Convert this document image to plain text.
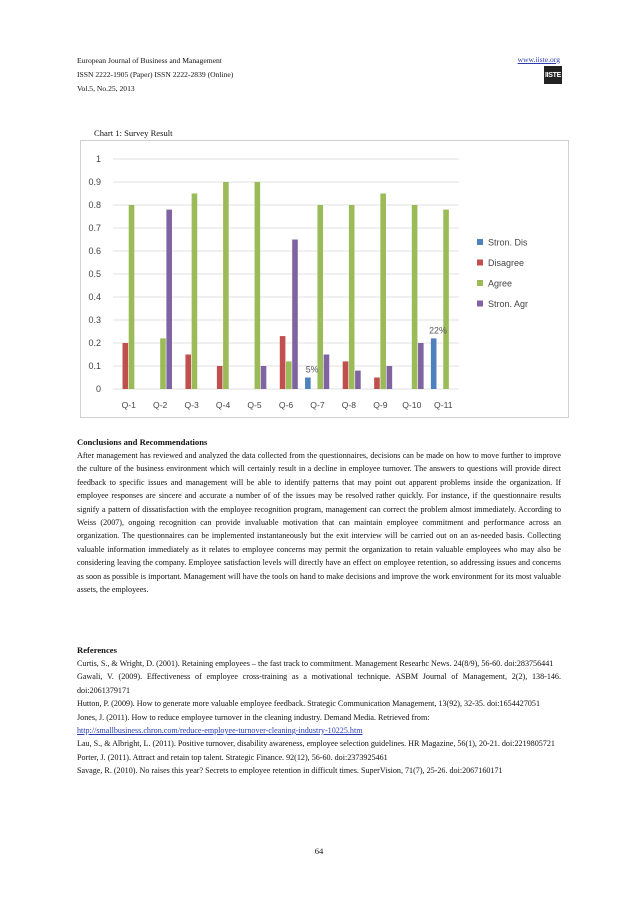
European Journal of Business and Management
ISSN 2222-1905 (Paper) ISSN 2222-2839 (Online)
Vol.5, No.25, 2013
www.iiste.org
IISTE
Chart 1: Survey Result
0
0.1
0.2
0.3
0.4
0.5
0.6
0.7
0.8
0.9
1
Q-1 Q-2 Q-3 Q-4 Q-5 Q-6 Q-7 Q-8 Q-9 Q-10 Q-11
5%
22%
Stron. Dis
Disagree
Agree
Stron. Agr
Conclusions and Recommendations
After management has reviewed and analyzed the data collected from the questionnaires, decisions can be made on how to move further to improve the culture of the business environment which will certainly result in a decline in employee turnover. The answers to questions will provide direct feedback to specific issues and management will be able to identify patterns that may point out apparent problems inside the organization. If employee responses are sincere and accurate a number of of the issues may be resolved rather quickly. For instance, if the questionnaire results signify a pattern of dissatisfaction with the employee recognition program, management can correct the problem almost immediately. According to Weiss (2007), ongoing recognition can provide invaluable motivation that can maintain employee commitment and performance across an organization. The questionnaires can be implemented instantaneously but the exit interview will be carried out on an as-needed basis. Collecting valuable information immediately as it relates to employee concerns may permit the organization to retain valuable employees who may also be considering leaving the company. Employee satisfaction levels will directly have an effect on employee retention, so addressing issues and concerns as soon as possible is important. Management will have the tools on hand to make decisions and improve the work environment for its most valuable assets, the employees.
References

Curtis, S., & Wright, D. (2001). Retaining employees – the fast track to commitment. Management Researhc News. 24(8/9), 56-60. doi:283756441

Gawali, V. (2009). Effectiveness of employee cross-training as a motivational technique. ASBM Journal of Management, 2(2), 138-146. doi:2061379171

Hutton, P. (2009). How to generate more valuable employee feedback. Strategic Communication Management, 13(92), 32-35. doi:1654427051

Jones, J. (2011). How to reduce employee turnover in the cleaning industry. Demand Media. Retrieved from:
http://smallbusiness.chron.com/reduce-employee-turnover-cleaning-industry-10225.htm

Lau, S., & Albright, L. (2011). Positive turnover, disability awareness, employee selection guidelines. HR Magazine, 56(1), 20-21. doi:2219805721

Porter, J. (2011). Attract and retain top talent. Strategic Finance. 92(12), 56-60. doi:2373925461

Savage, R. (2010). No raises this year? Secrets to employee retention in difficult times. SuperVision, 71(7), 25-26. doi:2067160171

64
